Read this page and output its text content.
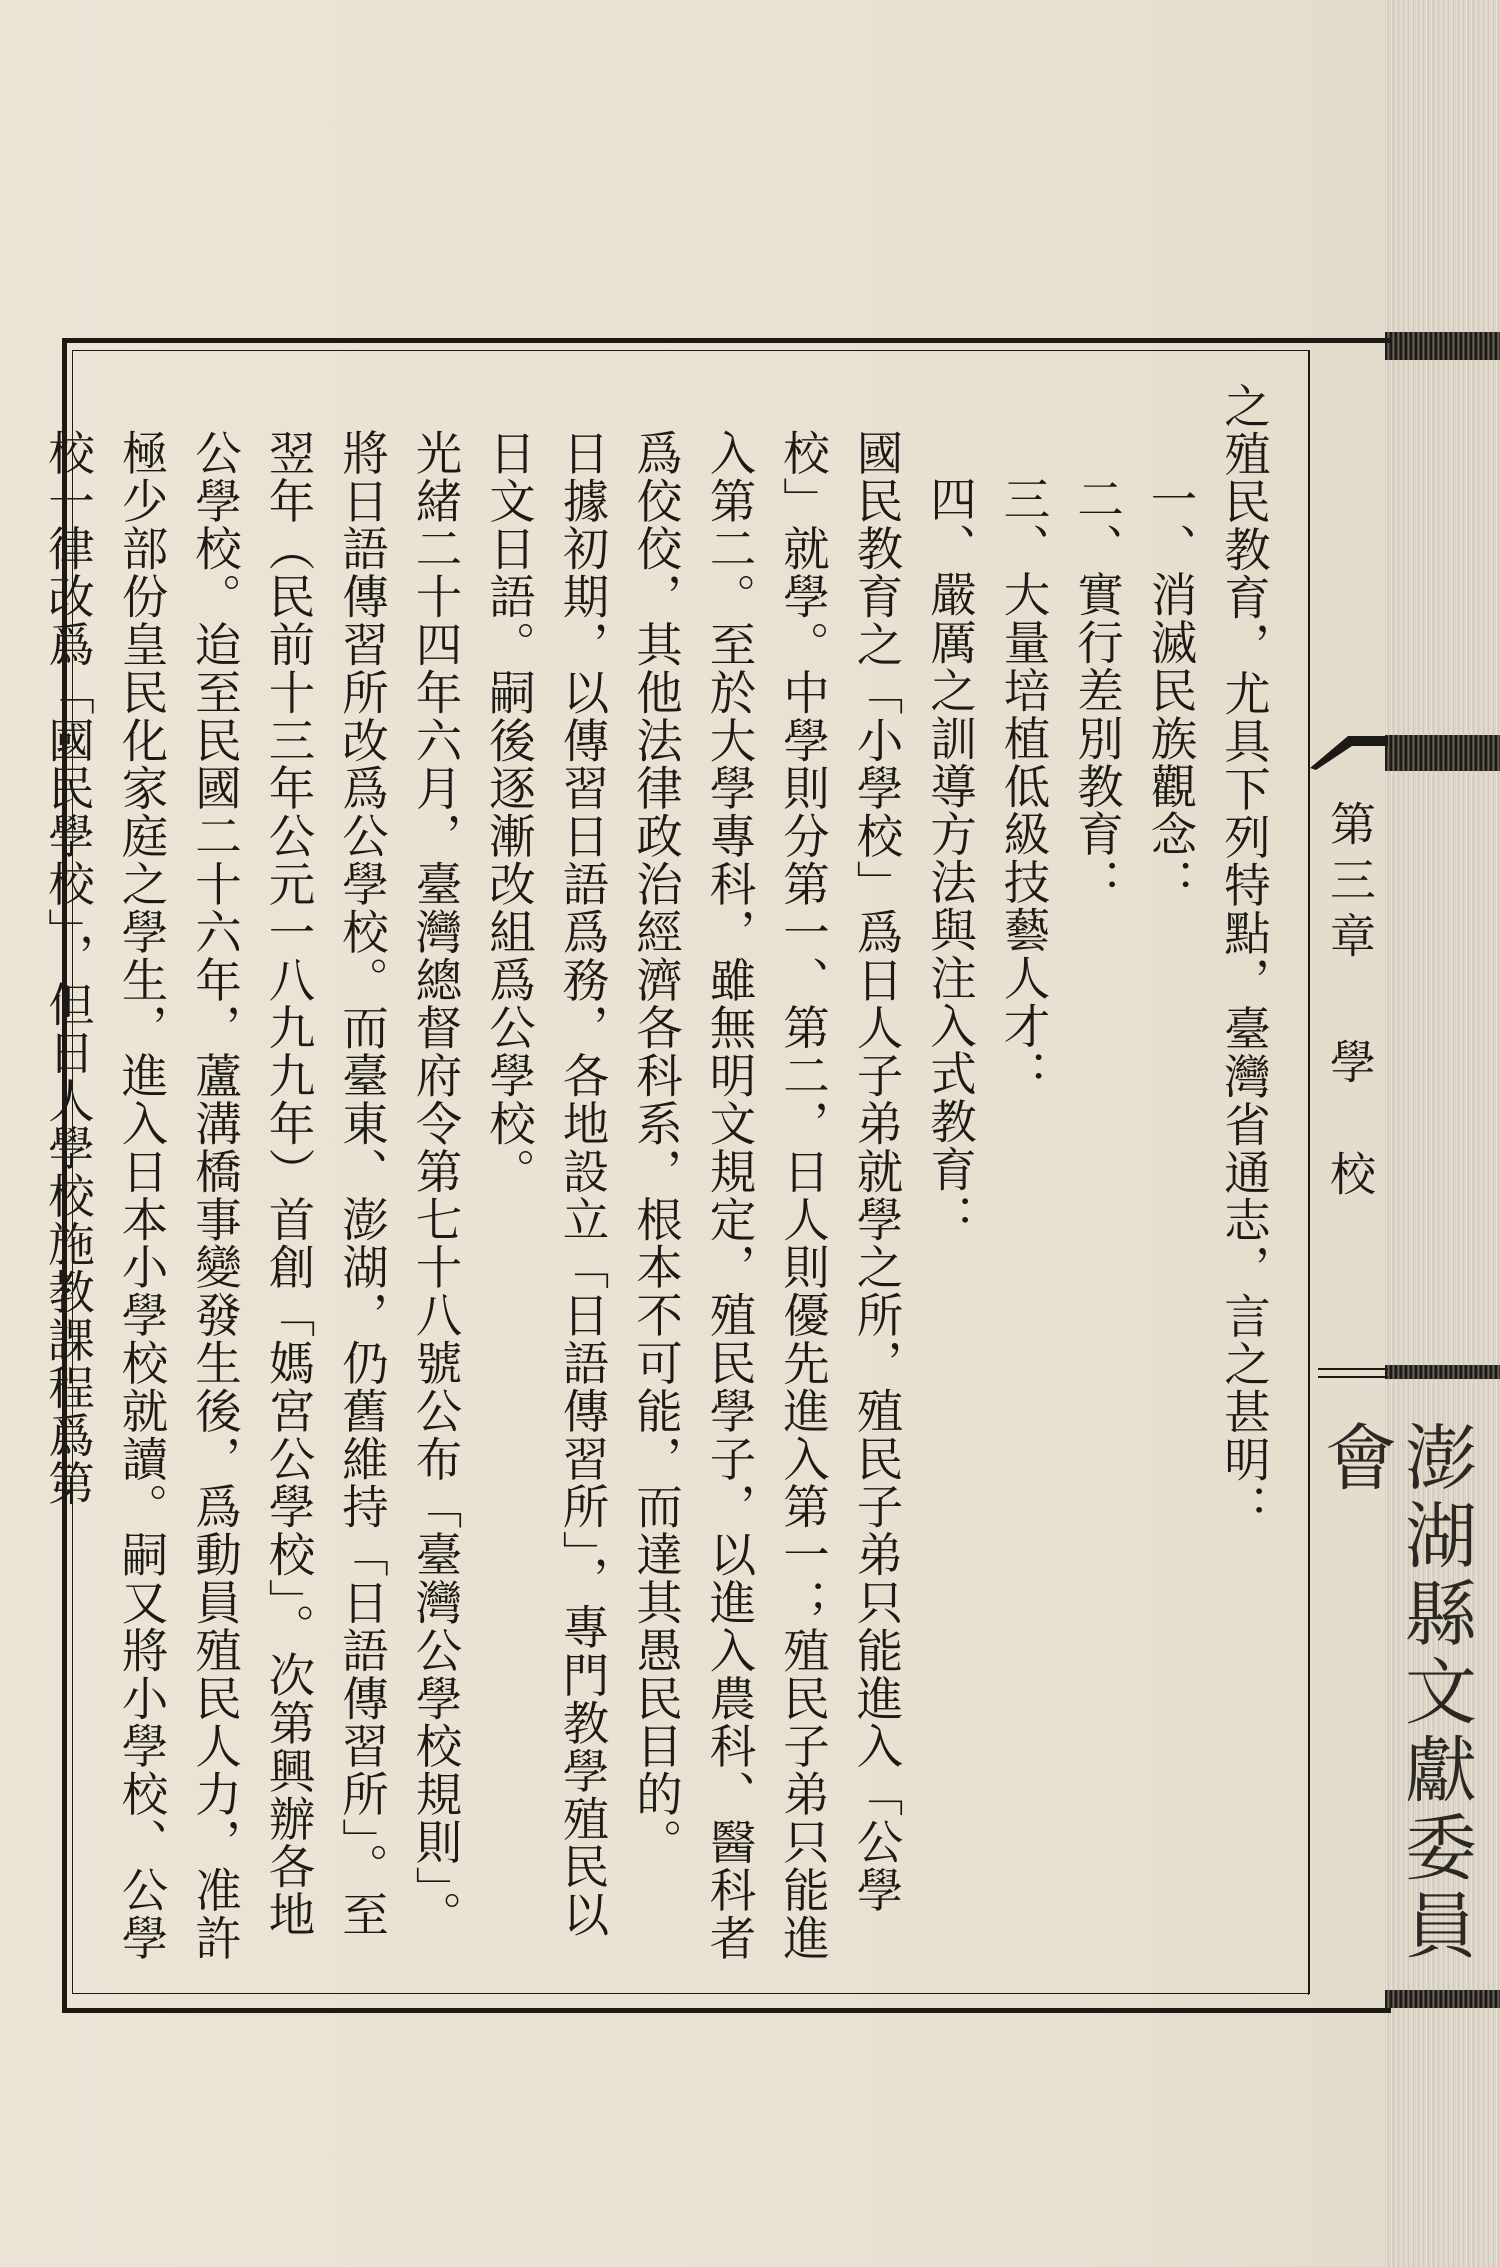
澎湖縣文獻委員會
第三章學　校

之殖民教育，尤具下列特點，臺灣省通志，言之甚明：

一、消滅民族觀念：

二、實行差別教育：

三、大量培植低級技藝人才：

四、嚴厲之訓導方法與注入式教育：

國民教育之「小學校」爲日人子弟就學之所，殖民子弟只能進入「公學校」就學。中學則分第一、第二，日人則優先進入第一；殖民子弟只能進入第二。至於大學專科，雖無明文規定，殖民學子，以進入農科、醫科者爲佼佼，其他法律政治經濟各科系，根本不可能，而達其愚民目的。

日據初期，以傳習日語爲務，各地設立「日語傳習所」，專門教學殖民以日文日語。嗣後逐漸改組爲公學校。

光緒二十四年六月，臺灣總督府令第七十八號公布「臺灣公學校規則」。將日語傳習所改爲公學校。而臺東、澎湖，仍舊維持「日語傳習所」。至翌年（民前十三年公元一八九九年）首創「媽宮公學校」。次第興辦各地公學校。迨至民國二十六年，蘆溝橋事變發生後，爲動員殖民人力，准許極少部份皇民化家庭之學生，進入日本小學校就讀。嗣又將小學校、公學校一律改爲「國民學校」，但日人學校施教課程爲第
